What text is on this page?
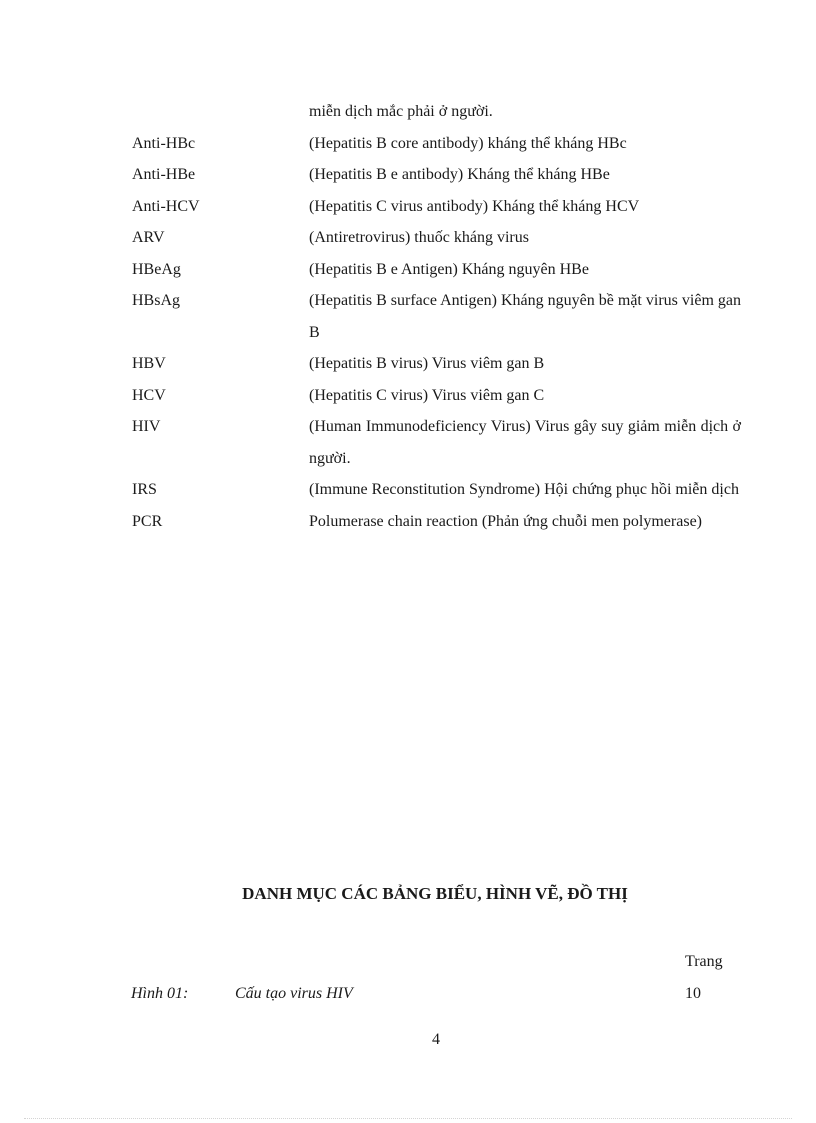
miễn dịch mắc phải ở người.
Anti-HBc	(Hepatitis B core antibody) kháng thể kháng HBc
Anti-HBe	(Hepatitis B e antibody) Kháng thể kháng HBe
Anti-HCV	(Hepatitis C virus antibody) Kháng thể kháng HCV
ARV	(Antiretrovirus) thuốc kháng virus
HBeAg	(Hepatitis B e Antigen) Kháng nguyên HBe
HBsAg	(Hepatitis B surface Antigen) Kháng nguyên bề mặt virus viêm gan B
HBV	(Hepatitis B virus) Virus viêm gan B
HCV	(Hepatitis C virus) Virus viêm gan C
HIV	(Human Immunodeficiency Virus) Virus gây suy giảm miễn dịch ở người.
IRS	(Immune Reconstitution Syndrome) Hội chứng phục hồi miễn dịch
PCR	Polumerase chain reaction (Phản ứng chuỗi men polymerase)
DANH MỤC CÁC BẢNG BIỂU, HÌNH VẼ, ĐỒ THỊ
Trang
Hình 01:	Cấu tạo virus HIV	10
4
